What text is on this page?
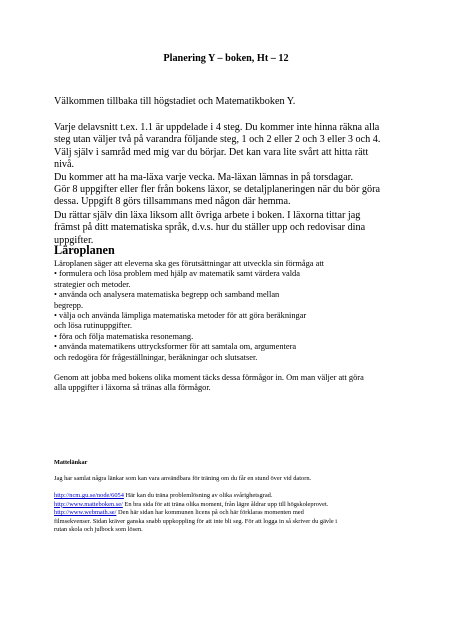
Planering Y – boken, Ht – 12
Välkommen tillbaka till högstadiet och Matematikboken Y.
Varje delavsnitt t.ex. 1.1 är uppdelade i 4 steg. Du kommer inte hinna räkna alla
steg utan väljer två på varandra följande steg, 1 och 2 eller 2 och 3 eller 3 och 4.
Välj själv i samråd med mig var du börjar. Det kan vara lite svårt att hitta rätt
nivå.
Du kommer att ha ma-läxa varje vecka. Ma-läxan lämnas in på torsdagar.
Gör 8 uppgifter eller fler från bokens läxor, se detaljplaneringen när du bör göra
dessa. Uppgift 8 görs tillsammans med någon där hemma.
Du rättar själv din läxa liksom allt övriga arbete i boken. I läxorna tittar jag
främst på ditt matematiska språk, d.v.s. hur du ställer upp och redovisar dina
uppgifter.
Läroplanen
Läroplanen säger att eleverna ska ges förutsättningar att utveckla sin förmåga att
• formulera och lösa problem med hjälp av matematik samt värdera valda
strategier och metoder.
• använda och analysera matematiska begrepp och samband mellan
begrepp.
• välja och använda lämpliga matematiska metoder för att göra beräkningar
och lösa rutinuppgifter.
• föra och följa matematiska resonemang.
• använda matematikens uttrycksformer för att samtala om, argumentera
och redogöra för frågeställningar, beräkningar och slutsatser.
Genom att jobba med bokens olika moment täcks dessa förmågor in. Om man väljer att göra
alla uppgifter i läxorna så tränas alla förmågor.
Mattelänkar
Jag har samlat några länkar som kan vara användbara för träning om du får en stund över vid datorn.
http://ncm.gu.se/node/6054 Här kan du träna problemlösning av olika svårighetsgrad.
http://www.matteboken.se/ En bra sida för att träna olika moment, från lägre åldrar upp till högskoleprovet.
http://www.webmath.se/ Den här sidan har kommunen licens på och här förklaras momenten med
filmsekvenser. Sidan kräver ganska snabb uppkoppling för att inte bli seg. För att logga in så skriver du gävle i
rutan skola och julbock som lösen.
